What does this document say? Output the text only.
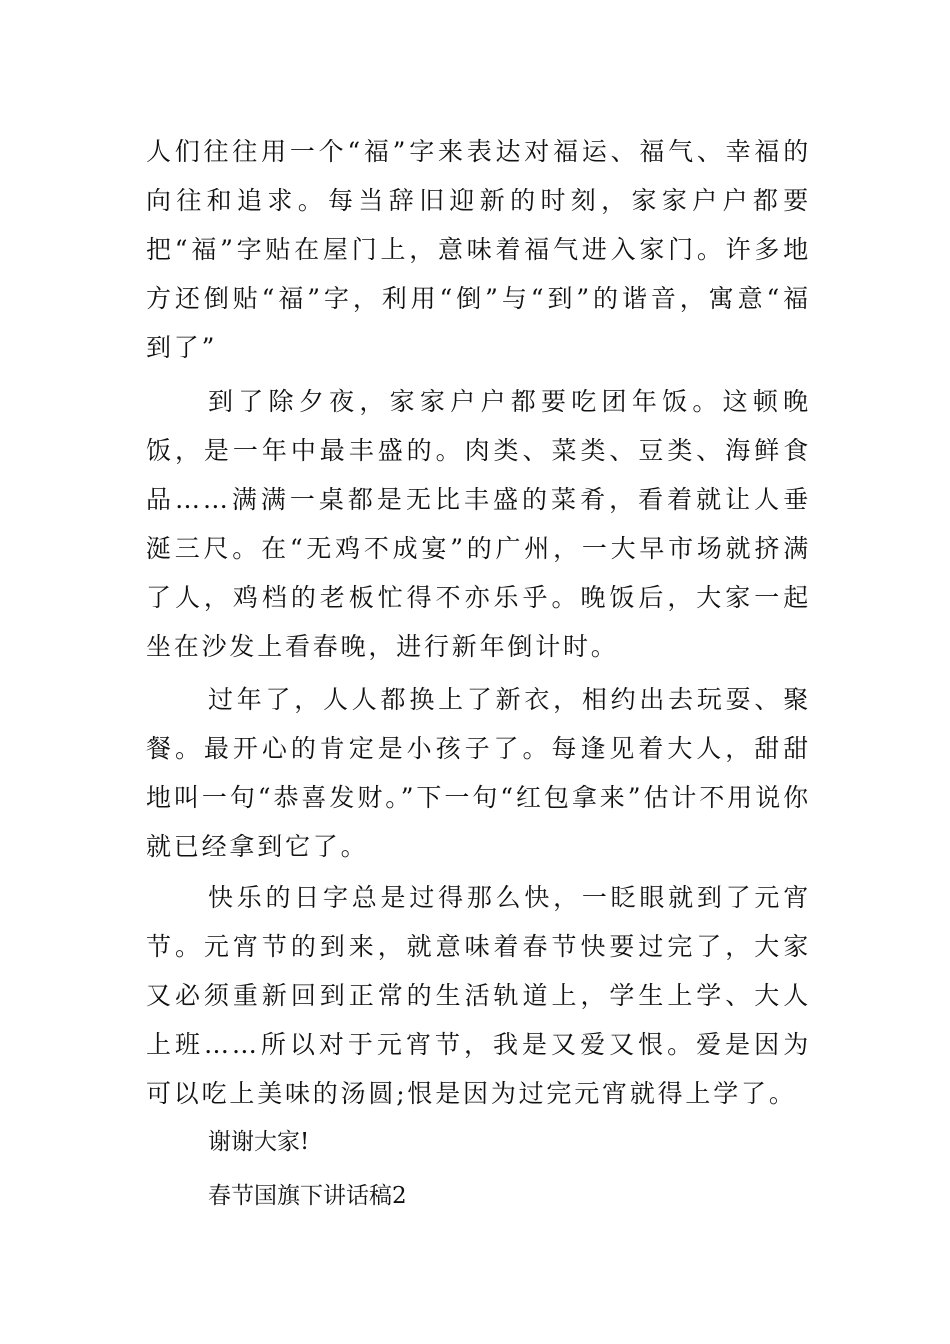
人们往往用一个“福”字来表达对福运、福气、幸福的向往和追求。每当辞旧迎新的时刻，家家户户都要把“福”字贴在屋门上，意味着福气进入家门。许多地方还倒贴“福”字，利用“倒”与“到”的谐音，寓意“福到了”

到了除夕夜，家家户户都要吃团年饭。这顿晚饭，是一年中最丰盛的。肉类、菜类、豆类、海鲜食品……满满一桌都是无比丰盛的菜肴，看着就让人垂涎三尺。在“无鸡不成宴”的广州，一大早市场就挤满了人，鸡档的老板忙得不亦乐乎。晚饭后，大家一起坐在沙发上看春晚，进行新年倒计时。

过年了，人人都换上了新衣，相约出去玩耍、聚餐。最开心的肯定是小孩子了。每逢见着大人，甜甜地叫一句“恭喜发财。”下一句“红包拿来”估计不用说你就已经拿到它了。

快乐的日字总是过得那么快，一眨眼就到了元宵节。元宵节的到来，就意味着春节快要过完了，大家又必须重新回到正常的生活轨道上，学生上学、大人上班……所以对于元宵节，我是又爱又恨。爱是因为可以吃上美味的汤圆;恨是因为过完元宵就得上学了。

谢谢大家!

春节国旗下讲话稿2
